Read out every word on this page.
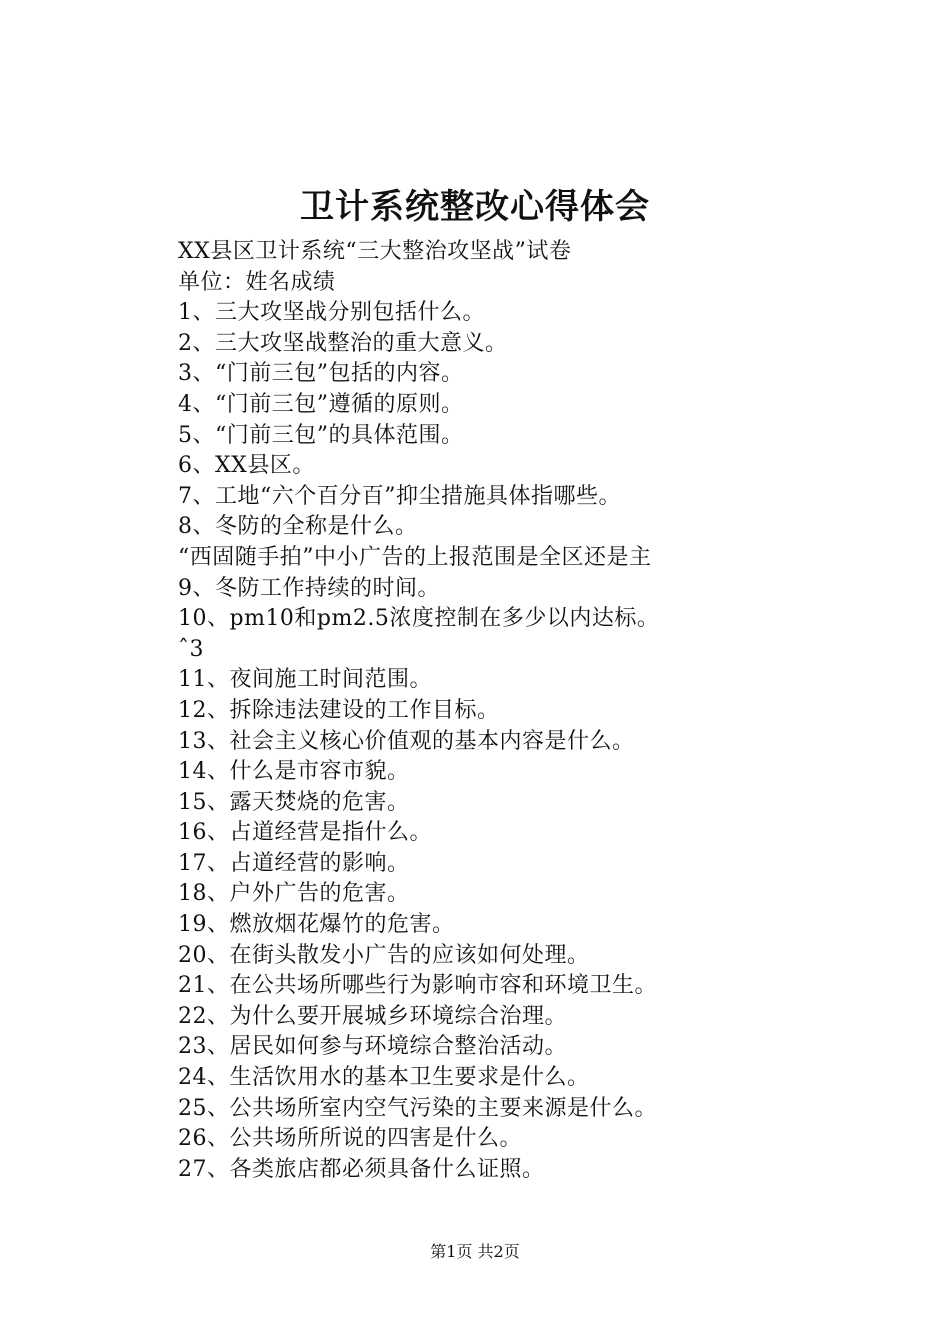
卫计系统整改心得体会
XX县区卫计系统“三大整治攻坚战”试卷
单位：姓名成绩
1、三大攻坚战分别包括什么。
2、三大攻坚战整治的重大意义。
3、“门前三包”包括的内容。
4、“门前三包”遵循的原则。
5、“门前三包”的具体范围。
6、XX县区。
7、工地“六个百分百”抑尘措施具体指哪些。
8、冬防的全称是什么。
“西固随手拍”中小广告的上报范围是全区还是主
9、冬防工作持续的时间。
10、pm10和pm2.5浓度控制在多少以内达标。
ˆ3
11、夜间施工时间范围。
12、拆除违法建设的工作目标。
13、社会主义核心价值观的基本内容是什么。
14、什么是市容市貌。
15、露天焚烧的危害。
16、占道经营是指什么。
17、占道经营的影响。
18、户外广告的危害。
19、燃放烟花爆竹的危害。
20、在街头散发小广告的应该如何处理。
21、在公共场所哪些行为影响市容和环境卫生。
22、为什么要开展城乡环境综合治理。
23、居民如何参与环境综合整治活动。
24、生活饮用水的基本卫生要求是什么。
25、公共场所室内空气污染的主要来源是什么。
26、公共场所所说的四害是什么。
27、各类旅店都必须具备什么证照。
第1页 共2页
